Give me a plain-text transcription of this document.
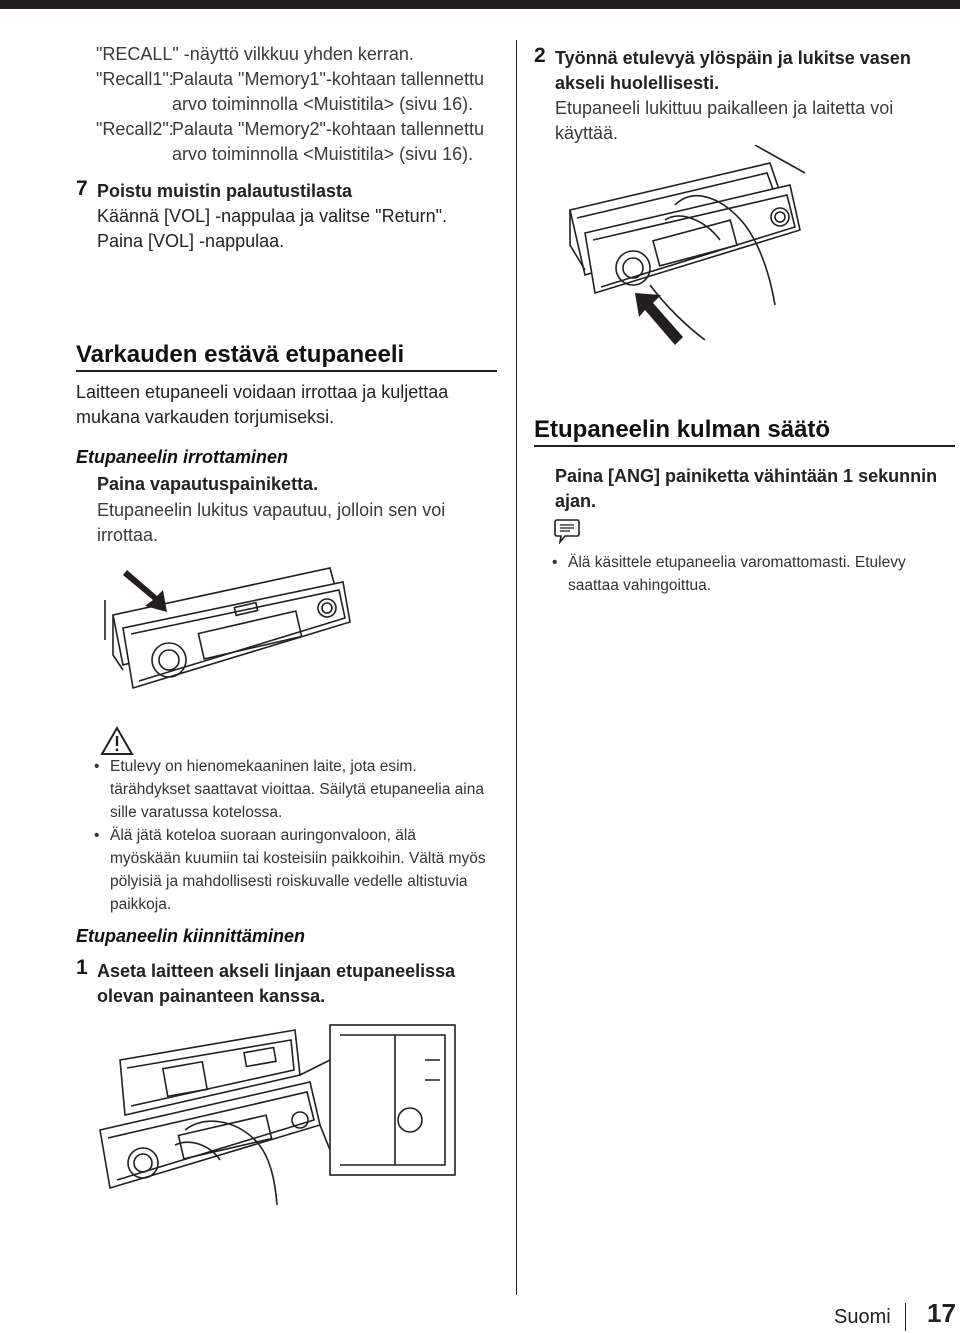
"RECALL" -näyttö vilkkuu yhden kerran.
"Recall1":
Palauta "Memory1"-kohtaan tallennettu
arvo toiminnolla <Muistitila> (sivu 16).
"Recall2":
Palauta "Memory2"-kohtaan tallennettu
arvo toiminnolla <Muistitila> (sivu 16).
7 Poistu muistin palautustilasta
Käännä [VOL] -nappulaa ja valitse "Return".
Paina [VOL] -nappulaa.
2 Työnnä etulevyä ylöspäin ja lukitse vasen
akseli huolellisesti.
Etupaneeli lukittuu paikalleen ja laitetta voi
käyttää.
Varkauden estävä etupaneeli
Laitteen etupaneeli voidaan irrottaa ja kuljettaa
mukana varkauden torjumiseksi.
Etupaneelin irrottaminen
Paina vapautuspainiketta.
Etupaneelin lukitus vapautuu, jolloin sen voi
irrottaa.
• Etulevy on hienomekaaninen laite, jota esim.
tärähdykset saattavat vioittaa. Säilytä etupaneelia aina
sille varatussa kotelossa.
• Älä jätä koteloa suoraan auringonvaloon, älä
myöskään kuumiin tai kosteisiin paikkoihin. Vältä myös
pölyisiä ja mahdollisesti roiskuvalle vedelle altistuvia
paikkoja.
Etupaneelin kiinnittäminen
1 Aseta laitteen akseli linjaan etupaneelissa
olevan painanteen kanssa.
Etupaneelin kulman säätö
Paina [ANG] painiketta vähintään 1 sekunnin
ajan.
• Älä käsittele etupaneelia varomattomasti. Etulevy
saattaa vahingoittua.
Suomi 17
